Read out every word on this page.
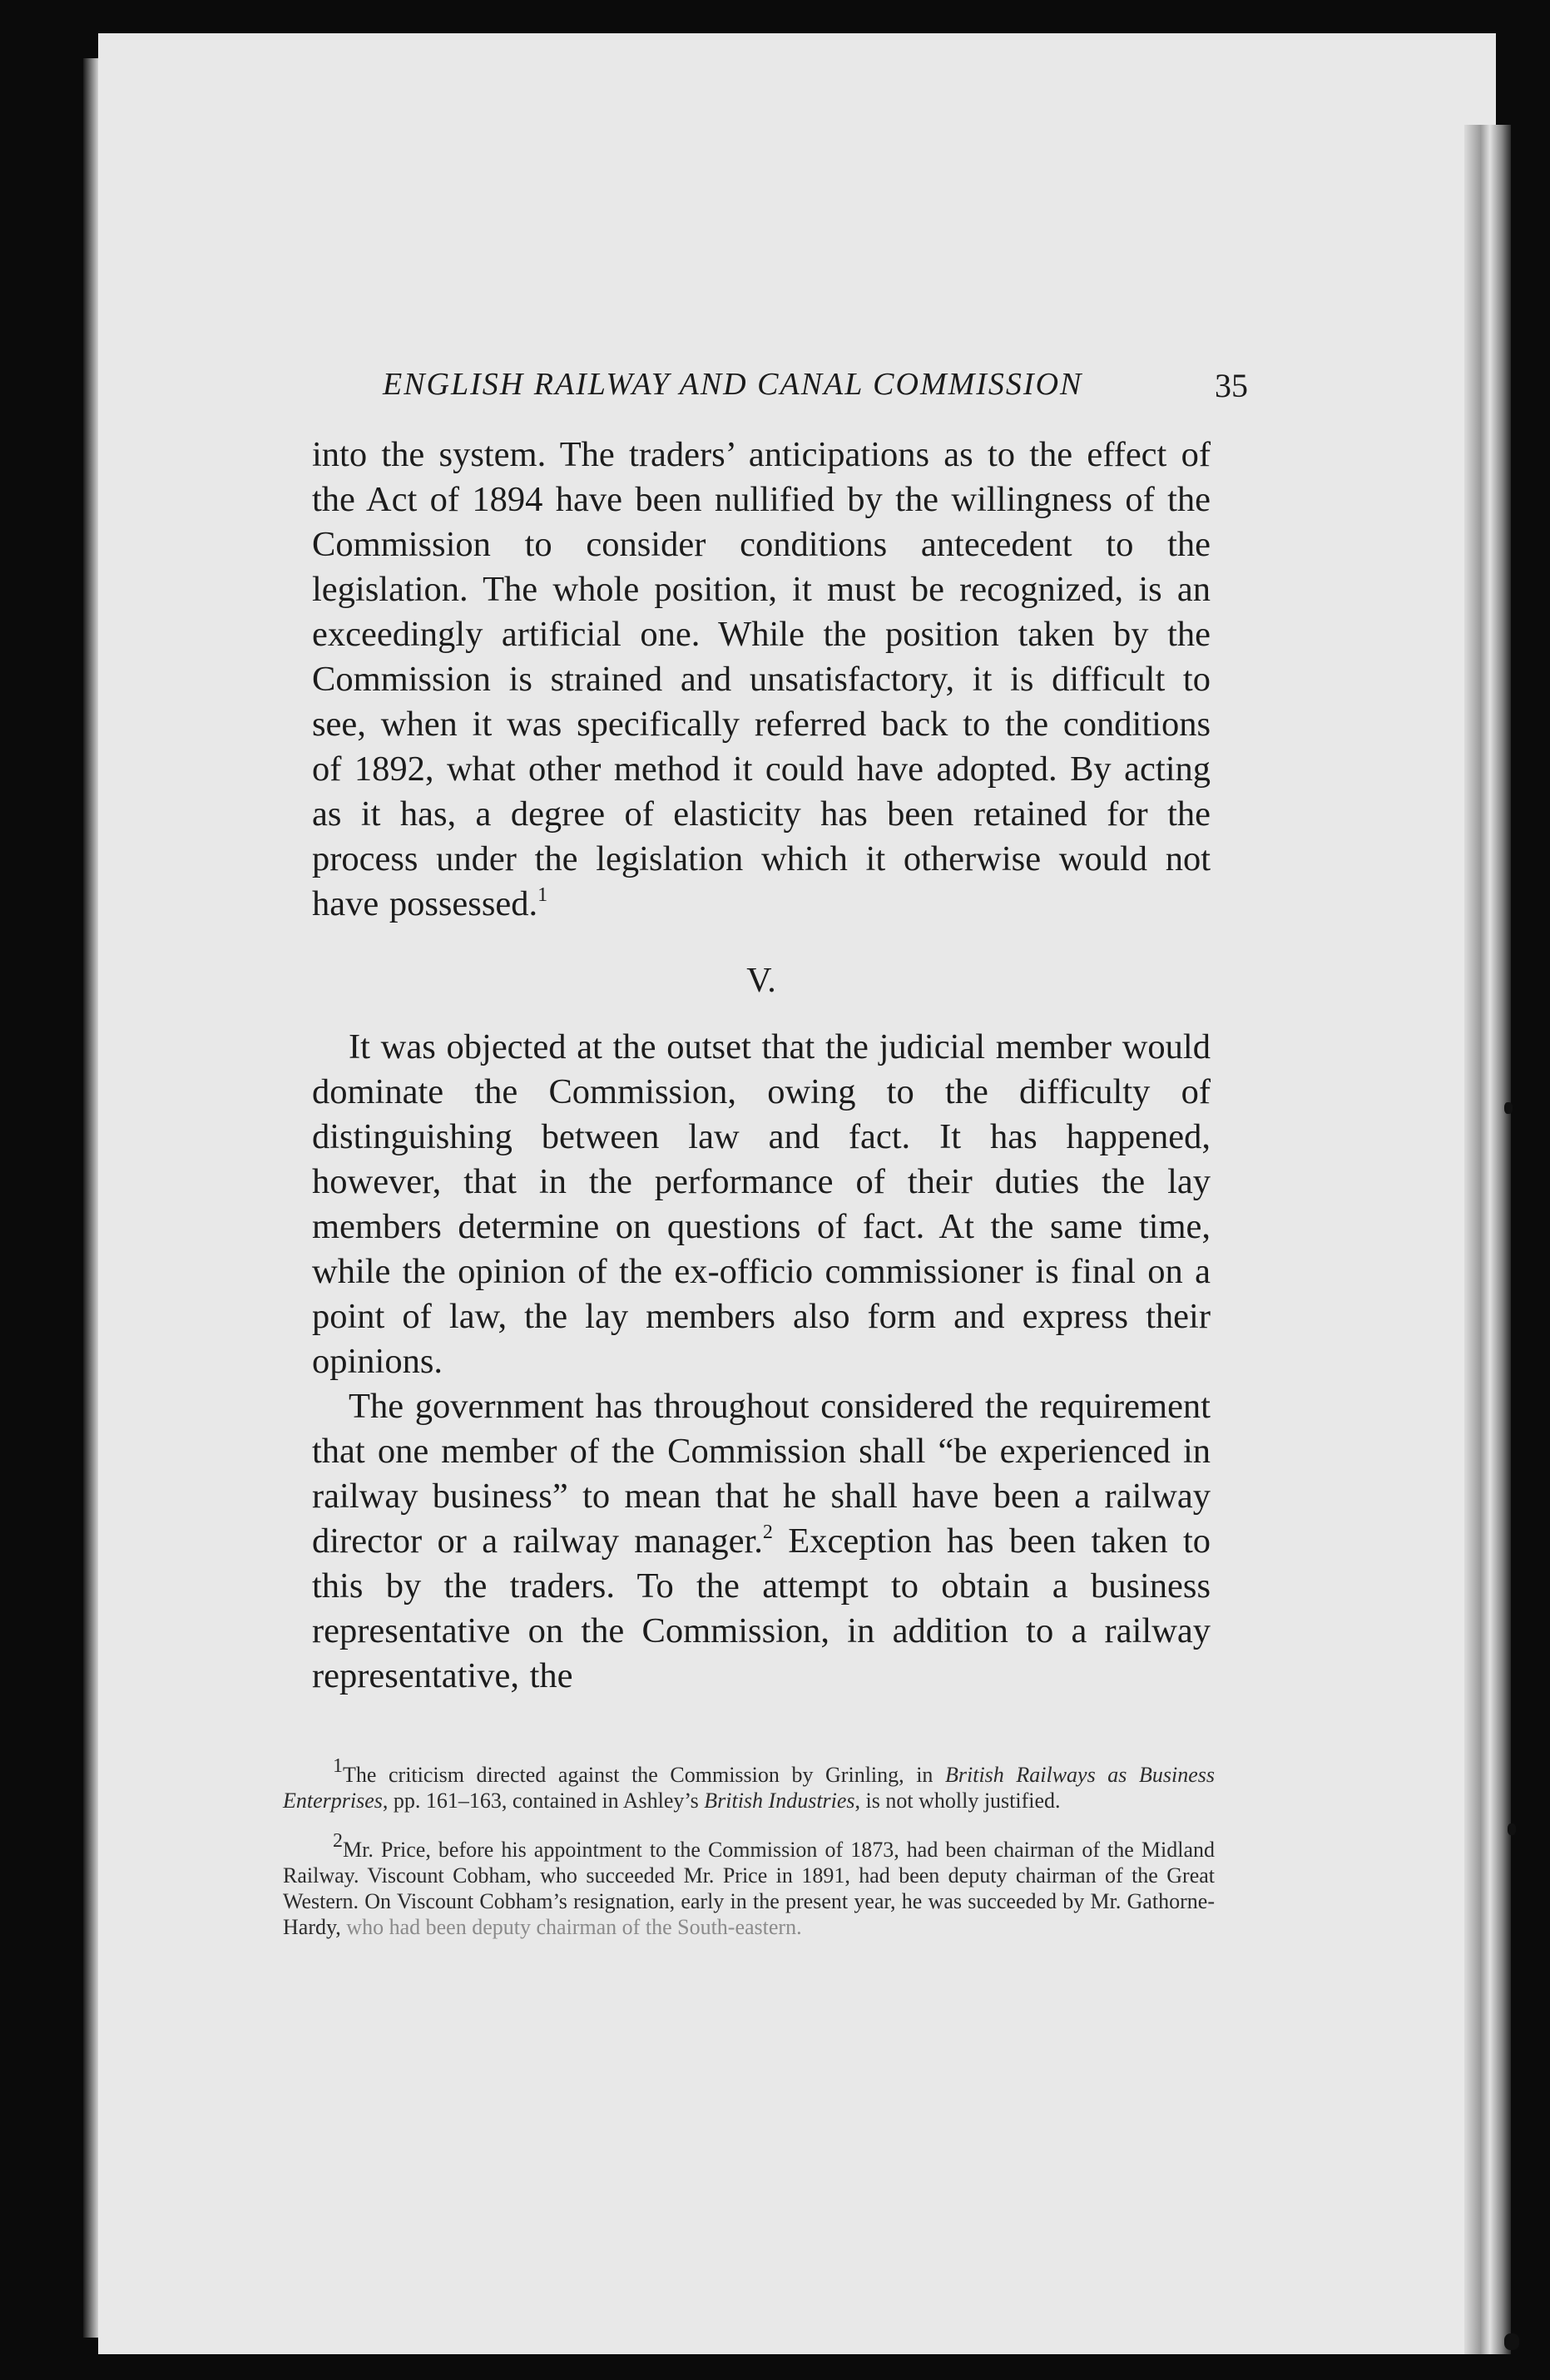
ENGLISH RAILWAY AND CANAL COMMISSION	35

into the system. The traders’ anticipations as to the effect of the Act of 1894 have been nullified by the willingness of the Commission to consider conditions antecedent to the legislation. The whole position, it must be recognized, is an exceedingly artificial one. While the position taken by the Commission is strained and unsatisfactory, it is difficult to see, when it was specifically referred back to the conditions of 1892, what other method it could have adopted. By acting as it has, a degree of elasticity has been retained for the process under the legislation which it otherwise would not have possessed.$^1$

V.

It was objected at the outset that the judicial member would dominate the Commission, owing to the difficulty of distinguishing between law and fact. It has happened, however, that in the performance of their duties the lay members determine on questions of fact. At the same time, while the opinion of the ex-officio commissioner is final on a point of law, the lay members also form and express their opinions.

The government has throughout considered the requirement that one member of the Commission shall “be experienced in railway business” to mean that he shall have been a railway director or a railway manager.$^2$ Exception has been taken to this by the traders. To the attempt to obtain a business representative on the Commission, in addition to a railway representative, the

$^1$The criticism directed against the Commission by Grinling, in British Railways as Business Enterprises, pp. 161–163, contained in Ashley’s British Industries, is not wholly justified.

$^2$Mr. Price, before his appointment to the Commission of 1873, had been chairman of the Midland Railway. Viscount Cobham, who succeeded Mr. Price in 1891, had been deputy chairman of the Great Western. On Viscount Cobham’s resignation, early in the present year, he was succeeded by Mr. Gathorne-Hardy, who had been deputy chairman of the South-eastern.
